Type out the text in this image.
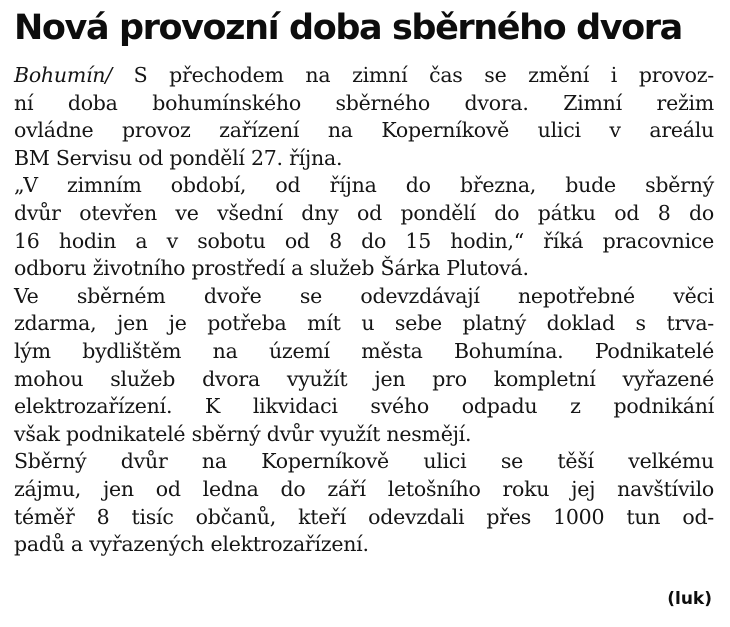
Nová provozní doba sběrného dvora
Bohumín/ S přechodem na zimní čas se změní i provoz-
ní doba bohumínského sběrného dvora. Zimní režim
ovládne provoz zařízení na Koperníkově ulici v areálu
BM Servisu od pondělí 27. října.
„V zimním období, od října do března, bude sběrný
dvůr otevřen ve všední dny od pondělí do pátku od 8 do
16 hodin a v sobotu od 8 do 15 hodin,“ říká pracovnice
odboru životního prostředí a služeb Šárka Plutová.
Ve sběrném dvoře se odevzdávají nepotřebné věci
zdarma, jen je potřeba mít u sebe platný doklad s trva-
lým bydlištěm na území města Bohumína. Podnikatelé
mohou služeb dvora využít jen pro kompletní vyřazené
elektrozařízení. K likvidaci svého odpadu z podnikání
však podnikatelé sběrný dvůr využít nesmějí.
Sběrný dvůr na Koperníkově ulici se těší velkému
zájmu, jen od ledna do září letošního roku jej navštívilo
téměř 8 tisíc občanů, kteří odevzdali přes 1000 tun od-
padů a vyřazených elektrozařízení.
(luk)
